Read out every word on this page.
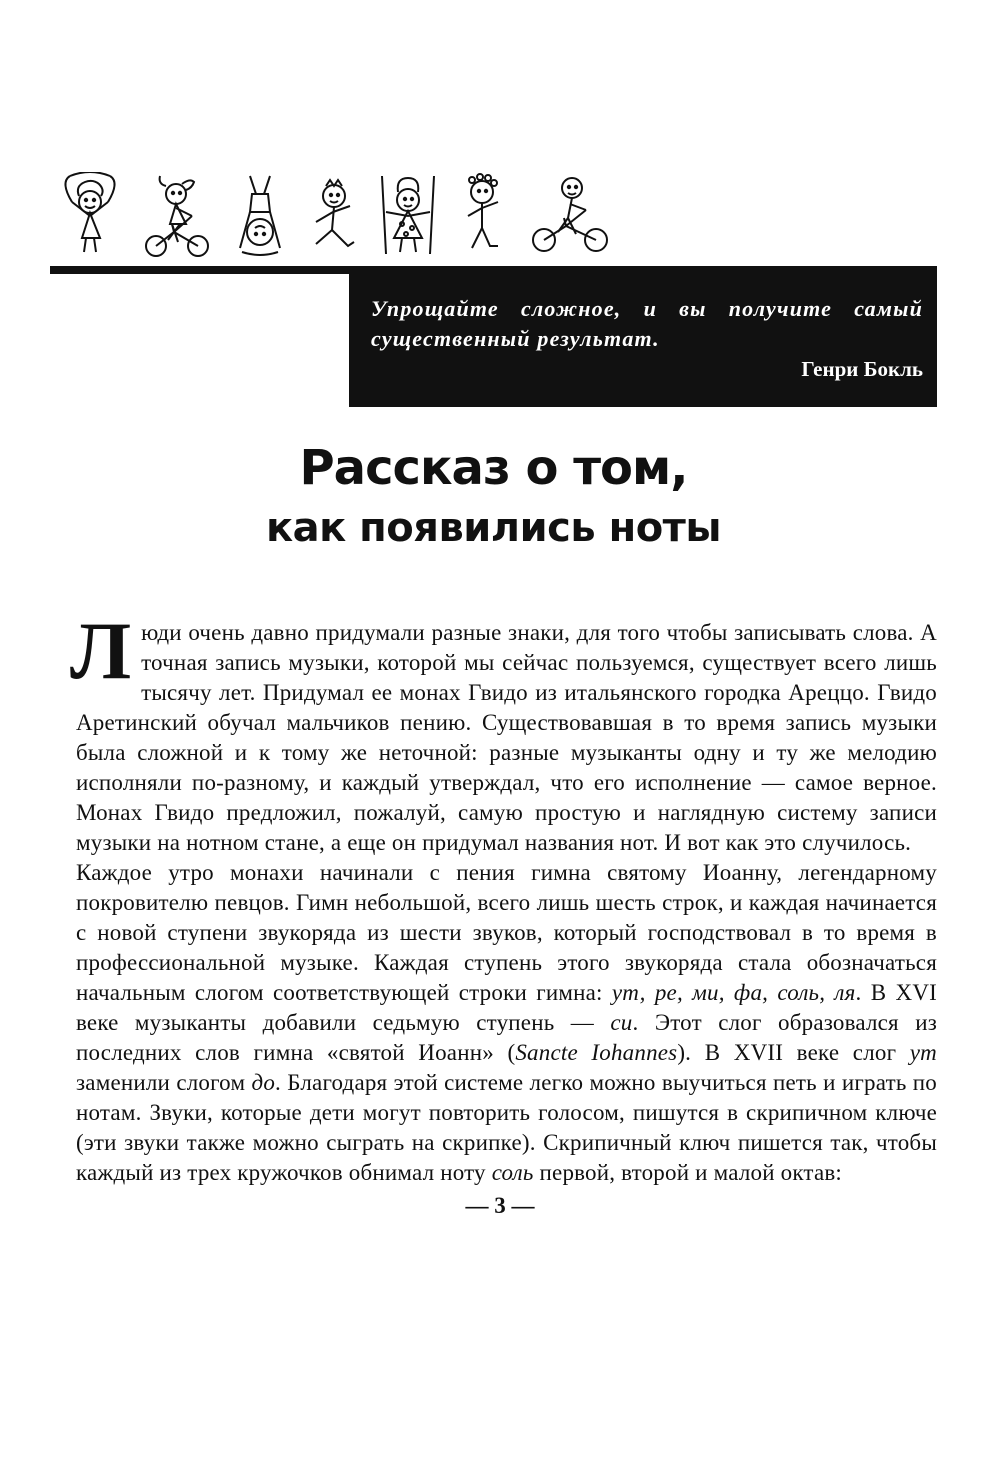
Упрощайте сложное, и вы получите самый существенный результат.

Генри Бокль

Рассказ о том,
как появились ноты

Люди очень давно придумали разные знаки, для того чтобы записывать слова. А точная запись музыки, которой мы сейчас пользуемся, существует всего лишь тысячу лет. Придумал ее монах Гвидо из итальянского городка Ареццо. Гвидо Аретинский обучал мальчиков пению. Существовавшая в то время запись музыки была сложной и к тому же неточной: разные музыканты одну и ту же мелодию исполняли по-разному, и каждый утверждал, что его исполнение — самое верное. Монах Гвидо предложил, пожалуй, самую простую и наглядную систему записи музыки на нотном стане, а еще он придумал названия нот. И вот как это случилось.

Каждое утро монахи начинали с пения гимна святому Иоанну, легендарному покровителю певцов. Гимн небольшой, всего лишь шесть строк, и каждая начинается с новой ступени звукоряда из шести звуков, который господствовал в то время в профессиональной музыке. Каждая ступень этого звукоряда стала обозначаться начальным слогом соответствующей строки гимна: ут, ре, ми, фа, соль, ля. В XVI веке музыканты добавили седьмую ступень — си. Этот слог образовался из последних слов гимна «святой Иоанн» (Sancte Iohannes). В XVII веке слог ут заменили слогом до. Благодаря этой системе легко можно выучиться петь и играть по нотам. Звуки, которые дети могут повторить голосом, пишутся в скрипичном ключе (эти звуки также можно сыграть на скрипке). Скрипичный ключ пишется так, чтобы каждый из трех кружочков обнимал ноту соль первой, второй и малой октав:

— 3 —
